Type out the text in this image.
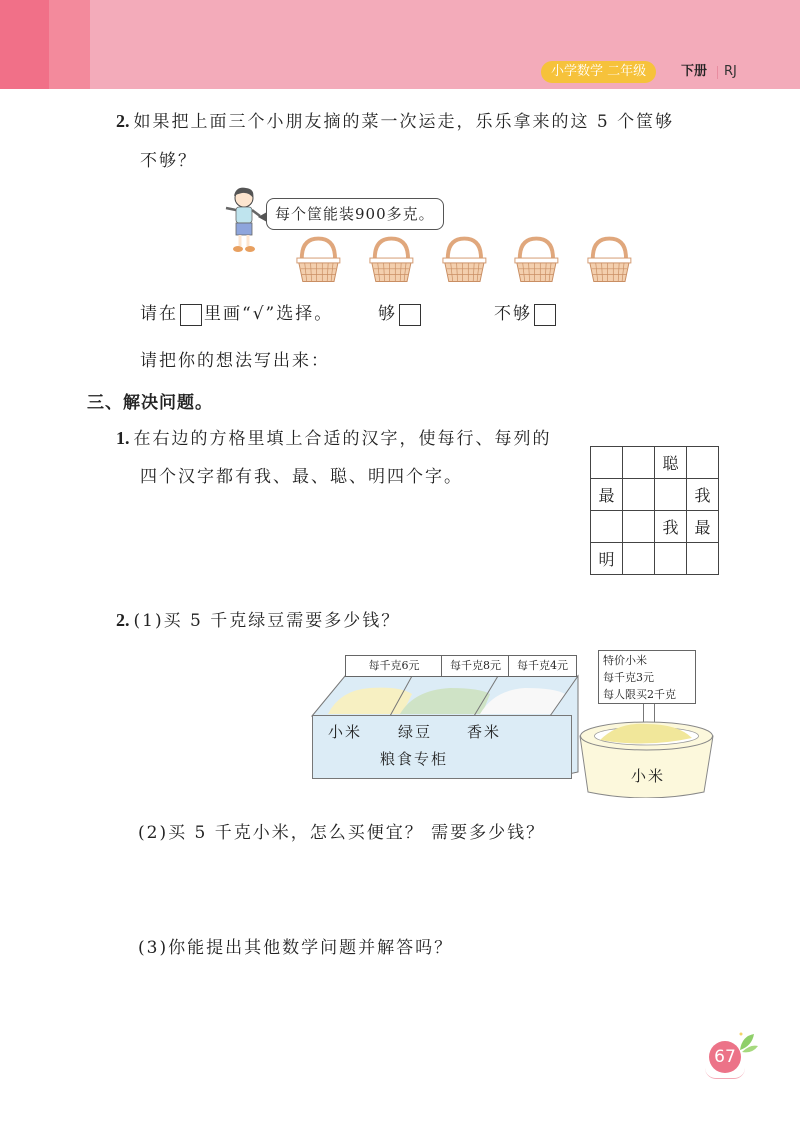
小学数学 二年级	下册 RJ
2. 如果把上面三个小朋友摘的菜一次运走，乐乐拿来的这 5 个筐够
不够？
每个筐能装900多克。
请在 里画“√”选择。	够	不够
请把你的想法写出来：
三、解决问题。
1. 在右边的方格里填上合适的汉字，使每行、每列的
四个汉字都有我、最、聪、明四个字。
		聪	
最			我
		我	最
明			
2. (1)买 5 千克绿豆需要多少钱？
每千克6元	每千克8元	每千克4元
小米 绿豆 香米
粮食专柜
特价小米
每千克3元
每人限买2千克
小米
(2)买 5 千克小米，怎么买便宜？ 需要多少钱？
(3)你能提出其他数学问题并解答吗？
67
